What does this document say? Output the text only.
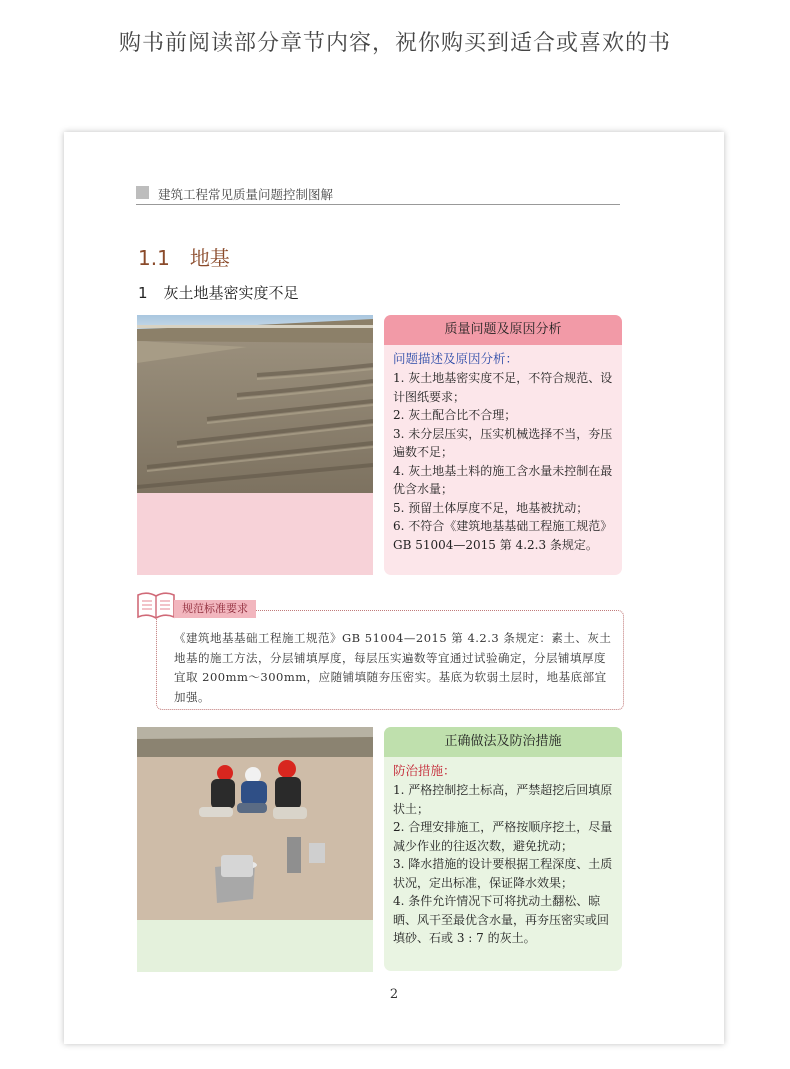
购书前阅读部分章节内容，祝你购买到适合或喜欢的书
建筑工程常见质量问题控制图解
1.1 地基
1 灰土地基密实度不足
质量问题及原因分析
问题描述及原因分析：
1. 灰土地基密实度不足，不符合规范、设计图纸要求；
2. 灰土配合比不合理；
3. 未分层压实，压实机械选择不当，夯压遍数不足；
4. 灰土地基土料的施工含水量未控制在最优含水量；
5. 预留土体厚度不足，地基被扰动；
6. 不符合《建筑地基基础工程施工规范》GB 51004—2015 第 4.2.3 条规定。
规范标准要求
《建筑地基基础工程施工规范》GB 51004—2015 第 4.2.3 条规定：素土、灰土地基的施工方法，分层铺填厚度，每层压实遍数等宜通过试验确定，分层铺填厚度宜取 200mm～300mm，应随铺填随夯压密实。基底为软弱土层时，地基底部宜加强。
正确做法及防治措施
防治措施：
1. 严格控制挖土标高，严禁超挖后回填原状土；
2. 合理安排施工，严格按顺序挖土，尽量减少作业的往返次数，避免扰动；
3. 降水措施的设计要根据工程深度、土质状况，定出标准，保证降水效果；
4. 条件允许情况下可将扰动土翻松、晾晒、风干至最优含水量，再夯压密实或回填砂、石或 3 : 7 的灰土。
2
